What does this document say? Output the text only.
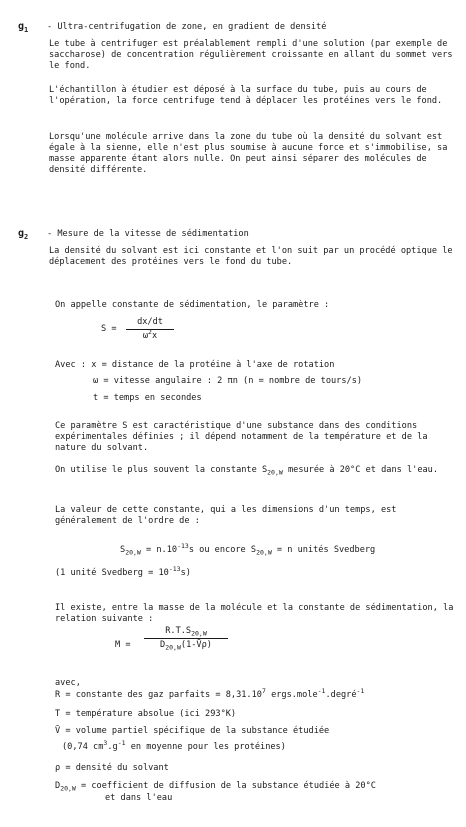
$g_1$ - Ultra-centrifugation de zone, en gradient de densité
Le tube à centrifuger est préalablement rempli d'une solution (par exemple de saccharose) de concentration régulièrement croissante en allant du sommet vers le fond.
L'échantillon à étudier est déposé à la surface du tube, puis au cours de l'opération, la force centrifuge tend à déplacer les protéines vers le fond.
Lorsqu'une molécule arrive dans la zone du tube où la densité du solvant est égale à la sienne, elle n'est plus soumise à aucune force et s'immobilise, sa masse apparente étant alors nulle. On peut ainsi séparer des molécules de densité différente.
$g_2$ - Mesure de la vitesse de sédimentation
La densité du solvant est ici constante et l'on suit par un procédé optique le déplacement des protéines vers le fond du tube.
On appelle constante de sédimentation, le paramètre :
S =
dx/dt
$\omega^2x$
Avec : x = distance de la protéine à l'axe de rotation
ω = vitesse angulaire : 2 πn (n = nombre de tours/s)
t = temps en secondes
Ce paramètre S est caractéristique d'une substance dans des conditions expérimentales définies ; il dépend notamment de la température et de la nature du solvant.
On utilise le plus souvent la constante $S_{20,W}$ mesurée à 20°C et dans l'eau.
La valeur de cette constante, qui a les dimensions d'un temps, est généralement de l'ordre de :
$S_{20,W} = n.10^{-13}s$ ou encore $S_{20,W} = n$ unités Svedberg
(1 unité Svedberg = $10^{-13}s$)
Il existe, entre la masse de la molécule et la constante de sédimentation, la relation suivante :
M =
$R.T.S_{20,W}$
$D_{20,W}(1-V̄\rho)$
avec,
R = constante des gaz parfaits = $8,31.10^7$ ergs.mole$^{-1}$.degré$^{-1}$
T = température absolue (ici 293°K)
V̄ = volume partiel spécifique de la substance étudiée
(0,74 $cm^3.g^{-1}$ en moyenne pour les protéines)
ρ = densité du solvant
$D_{20,W}$ = coefficient de diffusion de la substance étudiée à 20°C
et dans l'eau
